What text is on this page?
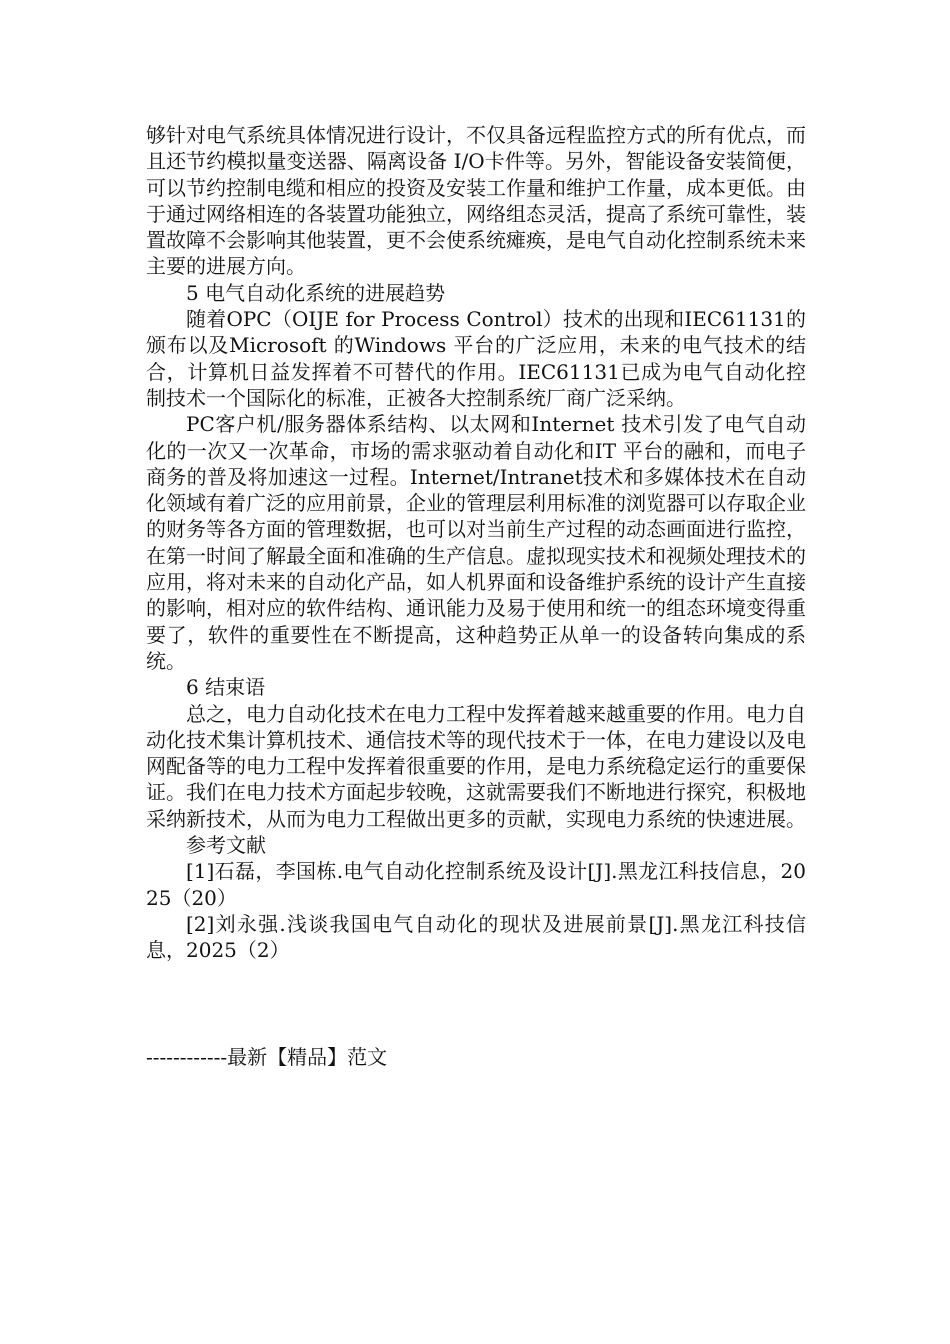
够针对电气系统具体情况进行设计，不仅具备远程监控方式的所有优点，而且还节约模拟量变送器、隔离设备 I/O卡件等。另外，智能设备安装简便，可以节约控制电缆和相应的投资及安装工作量和维护工作量，成本更低。由于通过网络相连的各装置功能独立，网络组态灵活，提高了系统可靠性，装置故障不会影响其他装置，更不会使系统瘫痪，是电气自动化控制系统未来主要的进展方向。

5 电气自动化系统的进展趋势

随着OPC（OIJE for Process Control）技术的出现和IEC61131的颁布以及Microsoft 的Windows 平台的广泛应用，未来的电气技术的结合，计算机日益发挥着不可替代的作用。IEC61131已成为电气自动化控制技术一个国际化的标准，正被各大控制系统厂商广泛采纳。

PC客户机/服务器体系结构、以太网和Internet 技术引发了电气自动化的一次又一次革命，市场的需求驱动着自动化和IT 平台的融和，而电子商务的普及将加速这一过程。Internet/Intranet技术和多媒体技术在自动化领域有着广泛的应用前景，企业的管理层利用标准的浏览器可以存取企业的财务等各方面的管理数据，也可以对当前生产过程的动态画面进行监控，在第一时间了解最全面和准确的生产信息。虚拟现实技术和视频处理技术的应用，将对未来的自动化产品，如人机界面和设备维护系统的设计产生直接的影响，相对应的软件结构、通讯能力及易于使用和统一的组态环境变得重要了，软件的重要性在不断提高，这种趋势正从单一的设备转向集成的系统。

6 结束语

总之，电力自动化技术在电力工程中发挥着越来越重要的作用。电力自动化技术集计算机技术、通信技术等的现代技术于一体，在电力建设以及电网配备等的电力工程中发挥着很重要的作用，是电力系统稳定运行的重要保证。我们在电力技术方面起步较晚，这就需要我们不断地进行探究，积极地采纳新技术，从而为电力工程做出更多的贡献，实现电力系统的快速进展。

参考文献

[1]石磊，李国栋.电气自动化控制系统及设计[J].黑龙江科技信息，2025（20）

[2]刘永强.浅谈我国电气自动化的现状及进展前景[J].黑龙江科技信息，2025（2）

------------最新【精品】范文
